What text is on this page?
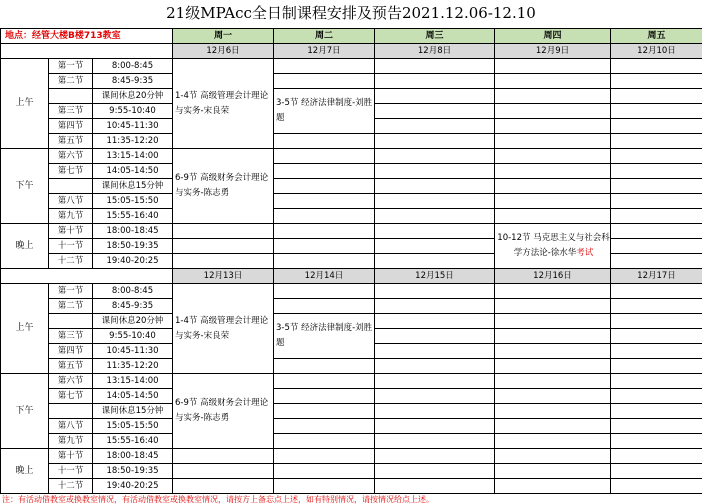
21级MPAcc全日制课程安排及预告2021.12.06-12.10
地点：经管大楼B楼713教室			周一	周二	周三	周四	周五
			12月6日	12月7日	12月8日	12月9日	12月10日
上午	第一节	8:00-8:45	1-4节 高级管理会计理论与实务-宋良荣				
	第二节	8:45-9:35					
		课间休息20分钟		3-5节 经济法律制度-刘胜题			
	第三节	9:55-10:40					
	第四节	10:45-11:30					
	第五节	11:35-12:20					
下午	第六节	13:15-14:00	6-9节 高级财务会计理论与实务-陈志勇				
	第七节	14:05-14:50					
		课间休息15分钟					
	第八节	15:05-15:50					
	第九节	15:55-16:40					
晚上	第十节	18:00-18:45				10-12节 马克思主义与社会科学方法论-徐水华考试	
	十一节	18:50-19:35					
	十二节	19:40-20:25					
			12月13日	12月14日	12月15日	12月16日	12月17日
上午	第一节	8:00-8:45	1-4节 高级管理会计理论与实务-宋良荣				
	第二节	8:45-9:35					
		课间休息20分钟		3-5节 经济法律制度-刘胜题			
	第三节	9:55-10:40					
	第四节	10:45-11:30					
	第五节	11:35-12:20					
下午	第六节	13:15-14:00	6-9节 高级财务会计理论与实务-陈志勇				
	第七节	14:05-14:50					
		课间休息15分钟					
	第八节	15:05-15:50					
	第九节	15:55-16:40					
晚上	第十节	18:00-18:45					
	十一节	18:50-19:35					
	十二节	19:40-20:25					
注：有活动借教室或换教室情况，有活动借教室或换教室情况，请按方上备忘点上述，如有特别情况，请按情况给点上述。
